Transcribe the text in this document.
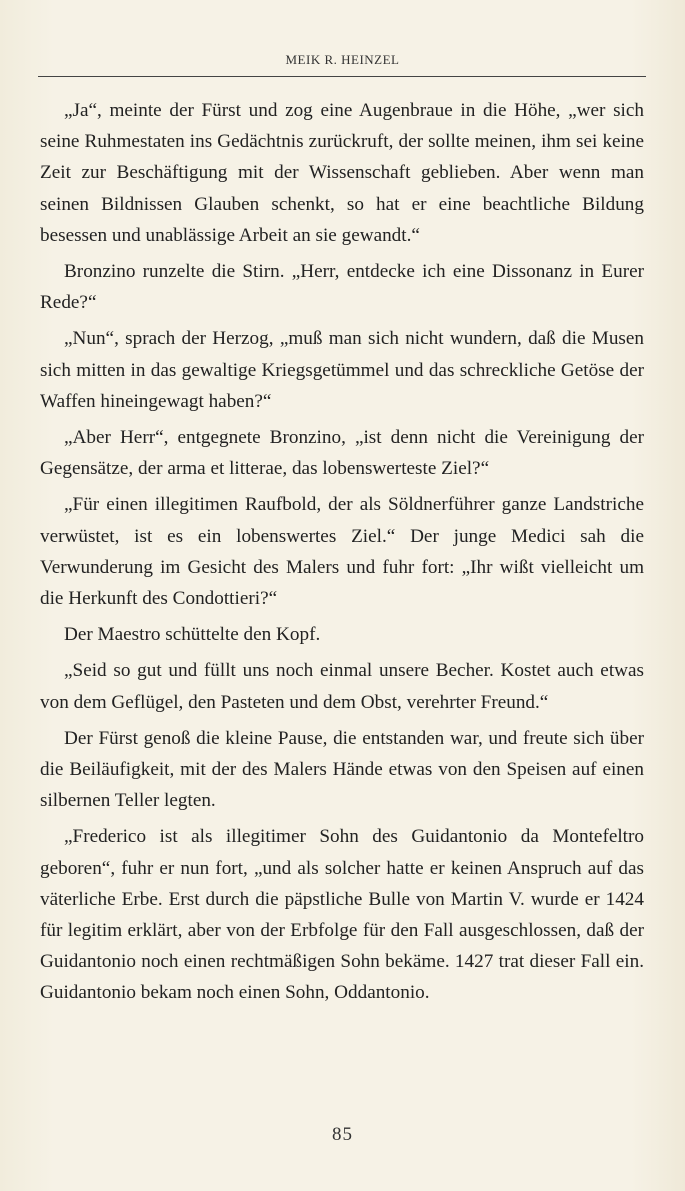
MEIK R. HEINZEL

„Ja“, meinte der Fürst und zog eine Augenbraue in die Höhe, „wer sich seine Ruhmestaten ins Gedächtnis zurückruft, der sollte meinen, ihm sei keine Zeit zur Beschäftigung mit der Wissenschaft geblieben. Aber wenn man seinen Bildnissen Glauben schenkt, so hat er eine beachtliche Bildung besessen und unablässige Arbeit an sie gewandt.“

Bronzino runzelte die Stirn. „Herr, entdecke ich eine Dissonanz in Eurer Rede?“

„Nun“, sprach der Herzog, „muß man sich nicht wundern, daß die Musen sich mitten in das gewaltige Kriegsgetümmel und das schreckliche Getöse der Waffen hineingewagt haben?“

„Aber Herr“, entgegnete Bronzino, „ist denn nicht die Vereinigung der Gegensätze, der arma et litterae, das lobenswerteste Ziel?“

„Für einen illegitimen Raufbold, der als Söldnerführer ganze Landstriche verwüstet, ist es ein lobenswertes Ziel.“ Der junge Medici sah die Verwunderung im Gesicht des Malers und fuhr fort: „Ihr wißt vielleicht um die Herkunft des Condottieri?“

Der Maestro schüttelte den Kopf.

„Seid so gut und füllt uns noch einmal unsere Becher. Kostet auch etwas von dem Geflügel, den Pasteten und dem Obst, verehrter Freund.“

Der Fürst genoß die kleine Pause, die entstanden war, und freute sich über die Beiläufigkeit, mit der des Malers Hände etwas von den Speisen auf einen silbernen Teller legten.

„Frederico ist als illegitimer Sohn des Guidantonio da Montefeltro geboren“, fuhr er nun fort, „und als solcher hatte er keinen Anspruch auf das väterliche Erbe. Erst durch die päpstliche Bulle von Martin V. wurde er 1424 für legitim erklärt, aber von der Erbfolge für den Fall ausgeschlossen, daß der Guidantonio noch einen rechtmäßigen Sohn bekäme. 1427 trat dieser Fall ein. Guidantonio bekam noch einen Sohn, Oddantonio.

85
